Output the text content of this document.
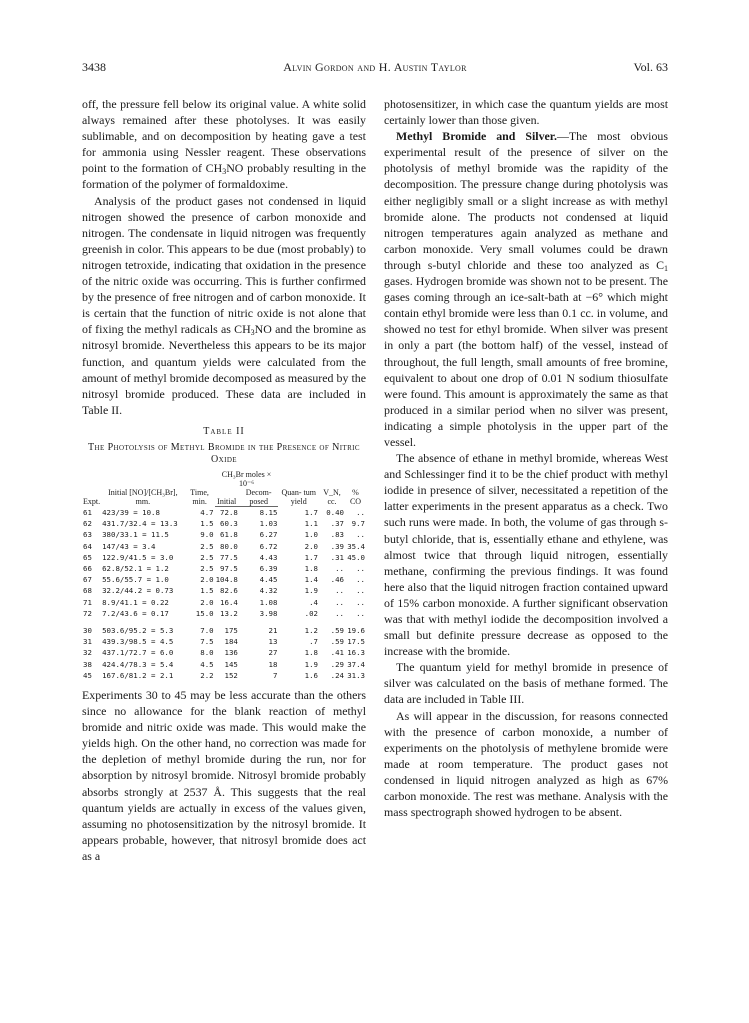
3438	Alvin Gordon and H. Austin Taylor	Vol. 63

off, the pressure fell below its original value. A white solid always remained after these photolyses. It was easily sublimable, and on decomposition by heating gave a test for ammonia using Nessler reagent. These observations point to the formation of $CH_3NO$ probably resulting in the formation of the polymer of formaldoxime.

Analysis of the product gases not condensed in liquid nitrogen showed the presence of carbon monoxide and nitrogen. The condensate in liquid nitrogen was frequently greenish in color. This appears to be due (most probably) to nitrogen tetroxide, indicating that oxidation in the presence of the nitric oxide was occurring. This is further confirmed by the presence of free nitrogen and of carbon monoxide. It is certain that the function of nitric oxide is not alone that of fixing the methyl radicals as $CH_3NO$ and the bromine as nitrosyl bromide. Nevertheless this appears to be its major function, and quantum yields were calculated from the amount of methyl bromide decomposed as measured by the nitrosyl bromide produced. These data are included in Table II.

Table II
The Photolysis of Methyl Bromide in the Presence of Nitric Oxide
Expt.	Initial [NO]/[CH₃Br], mm.	Time, min.	CH₃Br moles × 10⁻⁶		Quan- tum yield	V_N, cc.	% CO
			Initial	Decom- posed			
61	423/39 = 10.8	4.7	72.8	8.15	1.7	0.40	..
62	431.7/32.4 = 13.3	1.5	60.3	1.03	1.1	.37	9.7
63	380/33.1 = 11.5	9.0	61.8	6.27	1.0	.83	..
64	147/43 = 3.4	2.5	80.0	6.72	2.0	.39	35.4
65	122.9/41.5 = 3.0	2.5	77.5	4.43	1.7	.31	45.0
66	62.8/52.1 = 1.2	2.5	97.5	6.39	1.8	..	..
67	55.6/55.7 = 1.0	2.0	104.8	4.45	1.4	.46	..
68	32.2/44.2 = 0.73	1.5	82.6	4.32	1.9	..	..
71	8.9/41.1 = 0.22	2.0	16.4	1.08	.4	..	..
72	7.2/43.6 = 0.17	15.0	13.2	3.98	.02	..	..
30	503.6/95.2 = 5.3	7.0	175	21	1.2	.59	19.6
31	439.3/98.5 = 4.5	7.5	184	13	.7	.59	17.5
32	437.1/72.7 = 6.0	8.0	136	27	1.8	.41	16.3
38	424.4/78.3 = 5.4	4.5	145	18	1.9	.29	37.4
45	167.6/81.2 = 2.1	2.2	152	7	1.6	.24	31.3

Experiments 30 to 45 may be less accurate than the others since no allowance for the blank reaction of methyl bromide and nitric oxide was made. This would make the yields high. On the other hand, no correction was made for the depletion of methyl bromide during the run, nor for absorption by nitrosyl bromide. Nitrosyl bromide probably absorbs strongly at 2537 Å. This suggests that the real quantum yields are actually in excess of the values given, assuming no photosensitization by the nitrosyl bromide. It appears probable, however, that nitrosyl bromide does act as a

photosensitizer, in which case the quantum yields are most certainly lower than those given.

Methyl Bromide and Silver.—The most obvious experimental result of the presence of silver on the photolysis of methyl bromide was the rapidity of the decomposition. The pressure change during photolysis was either negligibly small or a slight increase as with methyl bromide alone. The products not condensed at liquid nitrogen temperatures again analyzed as methane and carbon monoxide. Very small volumes could be drawn through s-butyl chloride and these too analyzed as $C_1$ gases. Hydrogen bromide was shown not to be present. The gases coming through an ice-salt-bath at −6° which might contain ethyl bromide were less than 0.1 cc. in volume, and showed no test for ethyl bromide. When silver was present in only a part (the bottom half) of the vessel, instead of throughout, the full length, small amounts of free bromine, equivalent to about one drop of 0.01 N sodium thiosulfate were found. This amount is approximately the same as that produced in a similar period when no silver was present, indicating a simple photolysis in the upper part of the vessel.

The absence of ethane in methyl bromide, whereas West and Schlessinger find it to be the chief product with methyl iodide in presence of silver, necessitated a repetition of the latter experiments in the present apparatus as a check. Two such runs were made. In both, the volume of gas through s-butyl chloride, that is, essentially ethane and ethylene, was almost twice that through liquid nitrogen, essentially methane, confirming the previous findings. It was found here also that the liquid nitrogen fraction contained upward of 15% carbon monoxide. A further significant observation was that with methyl iodide the decomposition involved a small but definite pressure decrease as opposed to the increase with the bromide.

The quantum yield for methyl bromide in presence of silver was calculated on the basis of methane formed. The data are included in Table III.

As will appear in the discussion, for reasons connected with the presence of carbon monoxide, a number of experiments on the photolysis of methylene bromide were made at room temperature. The product gases not condensed in liquid nitrogen analyzed as high as 67% carbon monoxide. The rest was methane. Analysis with the mass spectrograph showed hydrogen to be absent.
